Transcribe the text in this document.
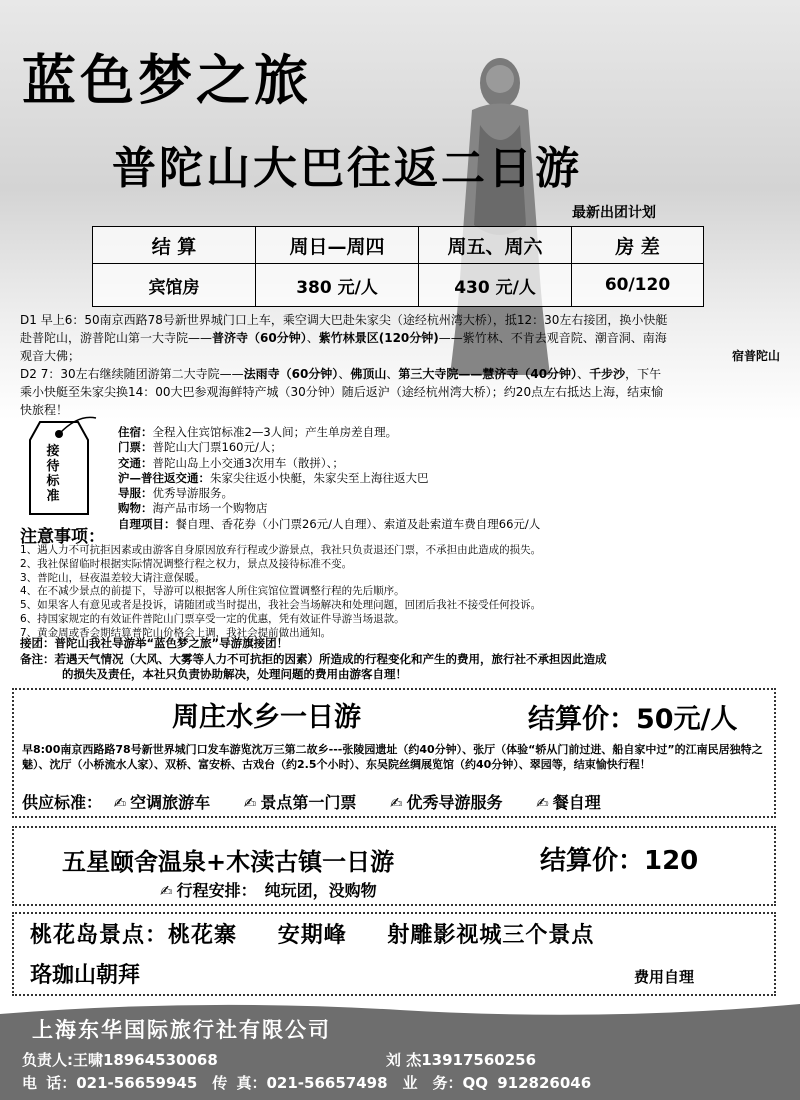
蓝色梦之旅
普陀山大巴往返二日游
最新出团计划
结 算	周日—周四	周五、周六	房 差
宾馆房	380 元/人	430 元/人	60/120
D1 早上6：50南京西路78号新世界城门口上车，乘空调大巴赴朱家尖（途经杭州湾大桥），抵12：30左右接团，换小快艇
赴普陀山，游普陀山第一大寺院——普济寺（60分钟）、紫竹林景区(120分钟)——紫竹林、不肯去观音院、潮音洞、南海
观音大佛；	宿普陀山
D2 7：30左右继续随团游第二大寺院——法雨寺（60分钟）、佛顶山、第三大寺院——慧济寺（40分钟）、千步沙，下午
乘小快艇至朱家尖换14：00大巴参观海鲜特产城（30分钟）随后返沪（途经杭州湾大桥）；约20点左右抵达上海，结束愉
快旅程！
接待标准
住宿：全程入住宾馆标准2—3人间；产生单房差自理。
门票：普陀山大门票160元/人；
交通：普陀山岛上小交通3次用车（散拼）、；
沪—普往返交通：朱家尖往返小快艇，朱家尖至上海往返大巴
导服：优秀导游服务。
购物：海产品市场一个购物店
自理项目：餐自理、香花券（小门票26元/人自理）、索道及赴索道车费自理66元/人
注意事项：
1、遇人力不可抗拒因素或由游客自身原因放弃行程或少游景点，我社只负责退还门票，不承担由此造成的损失。
2、我社保留临时根据实际情况调整行程之权力，景点及接待标准不变。
3、普陀山，昼夜温差较大请注意保暖。
4、在不减少景点的前提下，导游可以根据客人所住宾馆位置调整行程的先后顺序。
5、如果客人有意见或者是投诉，请随团或当时提出，我社会当场解决和处理问题，回团后我社不接受任何投诉。
6、持国家规定的有效证件普陀山门票享受一定的优惠，凭有效证件导游当场退款。
7、黄金周或香会期结算普陀山价格会上调，我社会提前做出通知。
接团：普陀山我社导游举“蓝色梦之旅”导游旗接团！
备注：若遇天气情况（大风、大雾等人力不可抗拒的因素）所造成的行程变化和产生的费用，旅行社不承担因此造成
的损失及责任，本社只负责协助解决，处理问题的费用由游客自理！
周庄水乡一日游	结算价：50元/人
早8:00南京西路路78号新世界城门口发车游览沈万三第二故乡---张陵园遗址（约40分钟）、张厅（体验“轿从门前过进、船自家中过”的江南民居独特之魅）、沈厅（小桥流水人家）、双桥、富安桥、古戏台（约2.5个小时）、东吴院丝绸展览馆（约40分钟）、翠园等，结束愉快行程！
供应标准： ✍ 空调旅游车 ✍ 景点第一门票 ✍ 优秀导游服务 ✍ 餐自理
五星颐舍温泉+木渎古镇一日游	结算价：120
✍ 行程安排：　纯玩团，没购物
桃花岛景点：桃花寨 安期峰 射雕影视城三个景点
珞珈山朝拜	费用自理
上海东华国际旅行社有限公司
负责人:王啸18964530068	刘 杰13917560256
电 话：021-56659945　传 真：021-56657498　业　务：QQ 912826046
